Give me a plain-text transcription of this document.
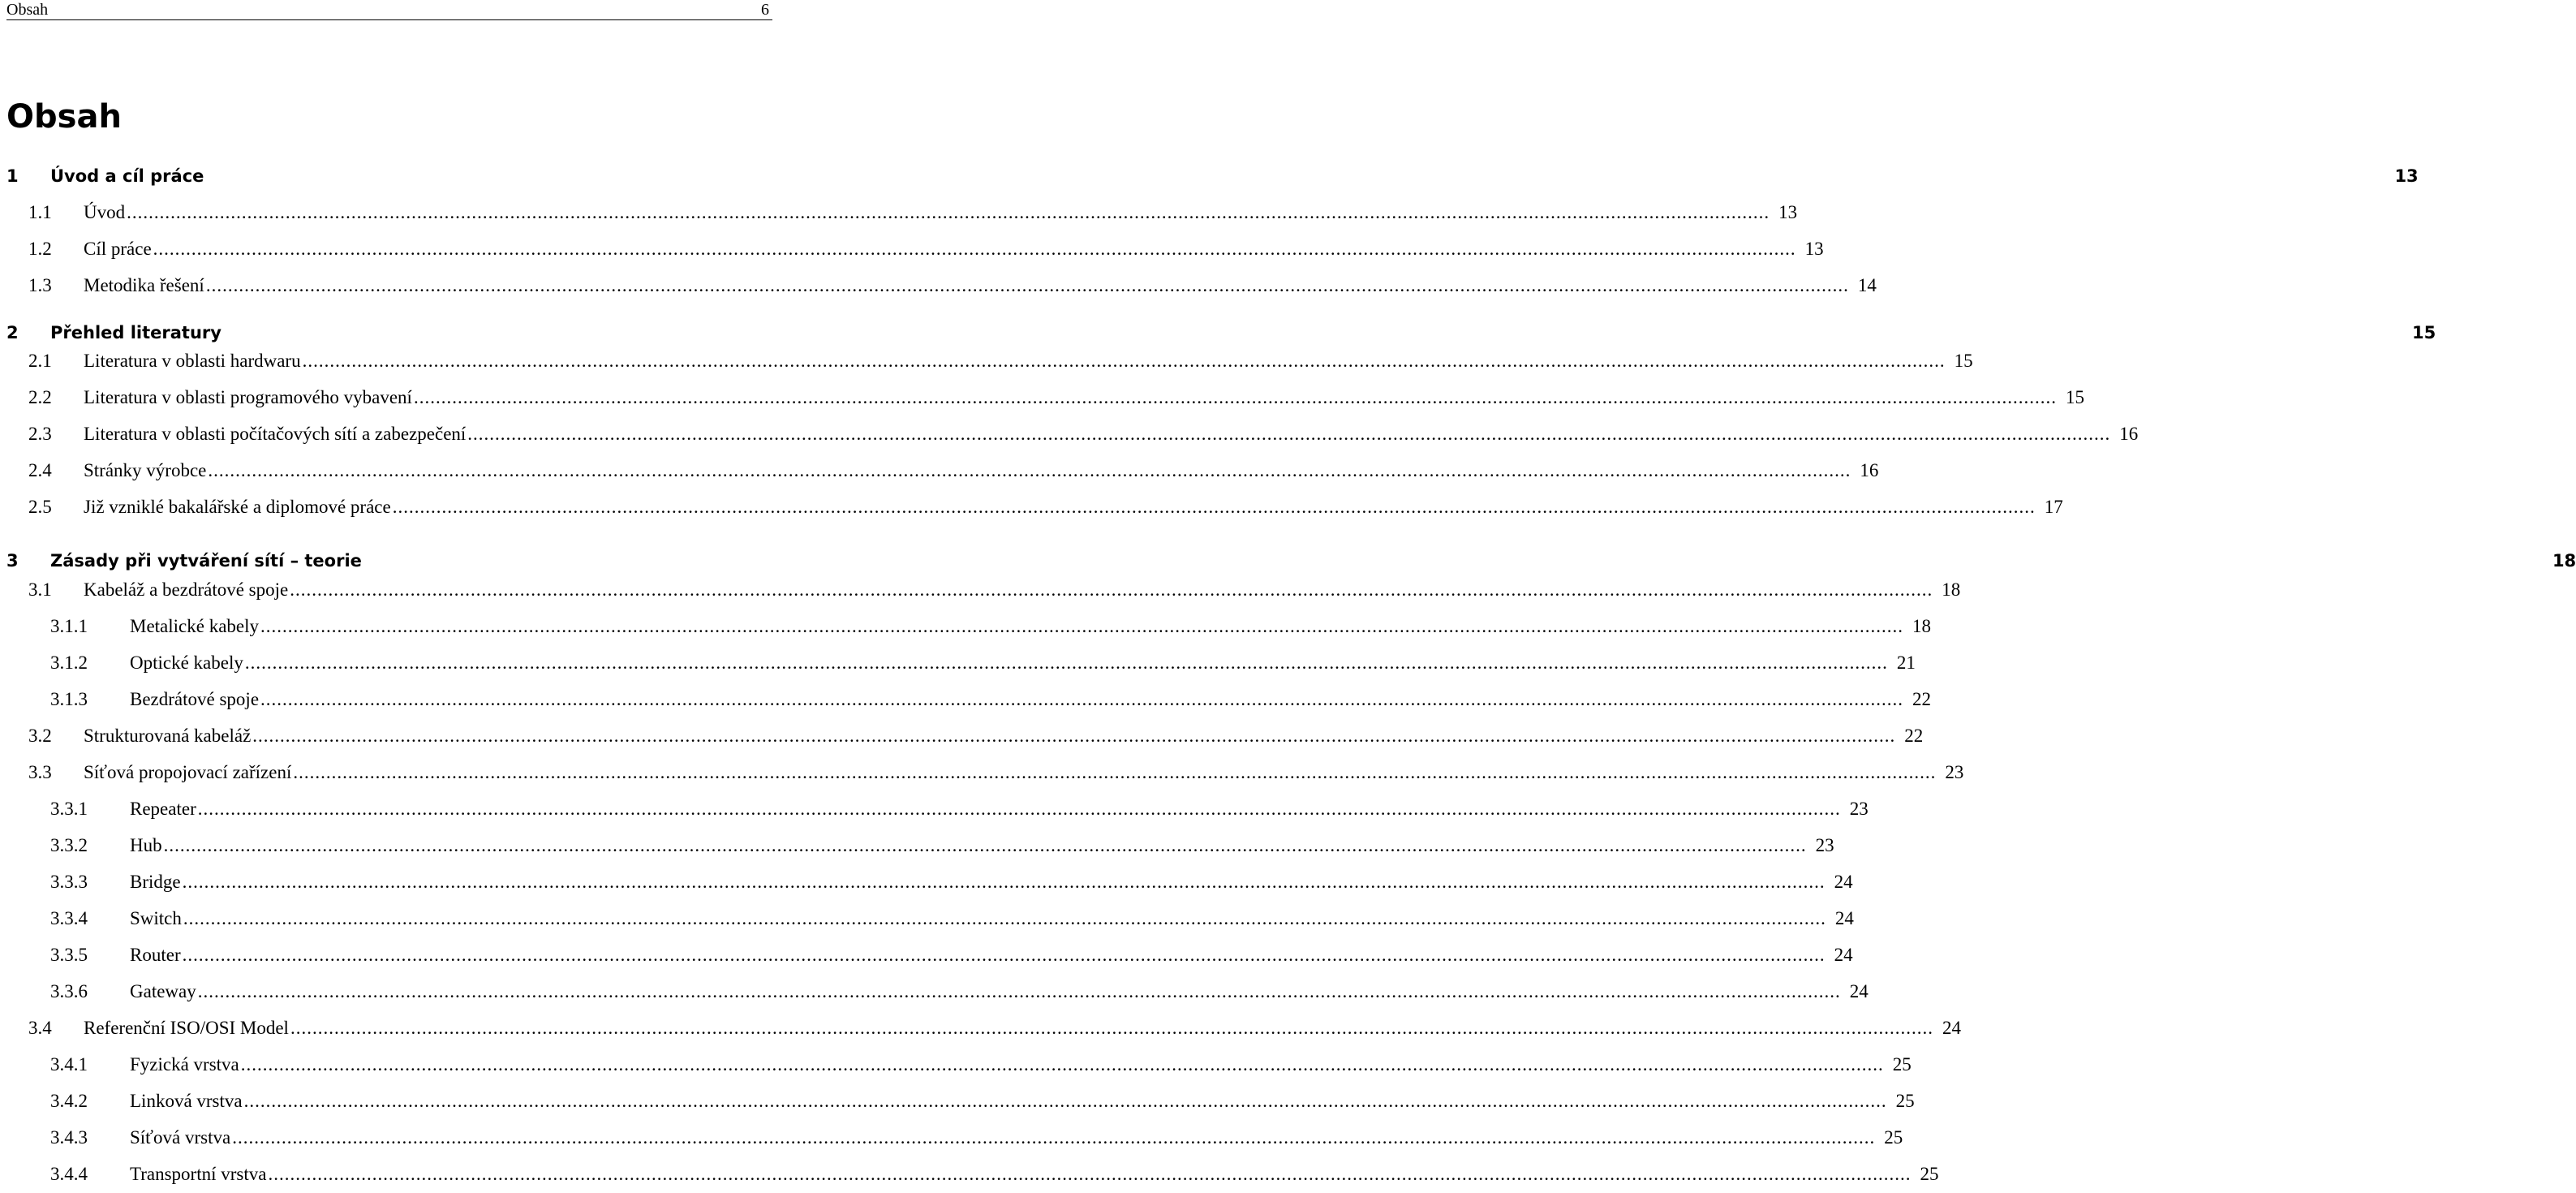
Obsah	6
Obsah
1 Úvod a cíl práce	13
1.1 Úvod ............................................................................................................................................................................................................................................................................................................ 13
1.2 Cíl práce ............................................................................................................................................................................................................................................................................................................ 13
1.3 Metodika řešení ............................................................................................................................................................................................................................................................................................................ 14
2 Přehled literatury	15
2.1 Literatura v oblasti hardwaru ............................................................................................................................................................................................................................................................................................................ 15
2.2 Literatura v oblasti programového vybavení ............................................................................................................................................................................................................................................................................................................ 15
2.3 Literatura v oblasti počítačových sítí a zabezpečení ............................................................................................................................................................................................................................................................................................................ 16
2.4 Stránky výrobce ............................................................................................................................................................................................................................................................................................................ 16
2.5 Již vzniklé bakalářské a diplomové práce ............................................................................................................................................................................................................................................................................................................ 17
3 Zásady při vytváření sítí – teorie	18
3.1 Kabeláž a bezdrátové spoje ............................................................................................................................................................................................................................................................................................................ 18
3.1.1 Metalické kabely ............................................................................................................................................................................................................................................................................................................ 18
3.1.2 Optické kabely ............................................................................................................................................................................................................................................................................................................ 21
3.1.3 Bezdrátové spoje ............................................................................................................................................................................................................................................................................................................ 22
3.2 Strukturovaná kabeláž ............................................................................................................................................................................................................................................................................................................ 22
3.3 Síťová propojovací zařízení ............................................................................................................................................................................................................................................................................................................ 23
3.3.1 Repeater ............................................................................................................................................................................................................................................................................................................ 23
3.3.2 Hub ............................................................................................................................................................................................................................................................................................................ 23
3.3.3 Bridge ............................................................................................................................................................................................................................................................................................................ 24
3.3.4 Switch ............................................................................................................................................................................................................................................................................................................ 24
3.3.5 Router ............................................................................................................................................................................................................................................................................................................ 24
3.3.6 Gateway ............................................................................................................................................................................................................................................................................................................ 24
3.4 Referenční ISO/OSI Model ............................................................................................................................................................................................................................................................................................................ 24
3.4.1 Fyzická vrstva ............................................................................................................................................................................................................................................................................................................ 25
3.4.2 Linková vrstva ............................................................................................................................................................................................................................................................................................................ 25
3.4.3 Síťová vrstva ............................................................................................................................................................................................................................................................................................................ 25
3.4.4 Transportní vrstva ............................................................................................................................................................................................................................................................................................................ 25
